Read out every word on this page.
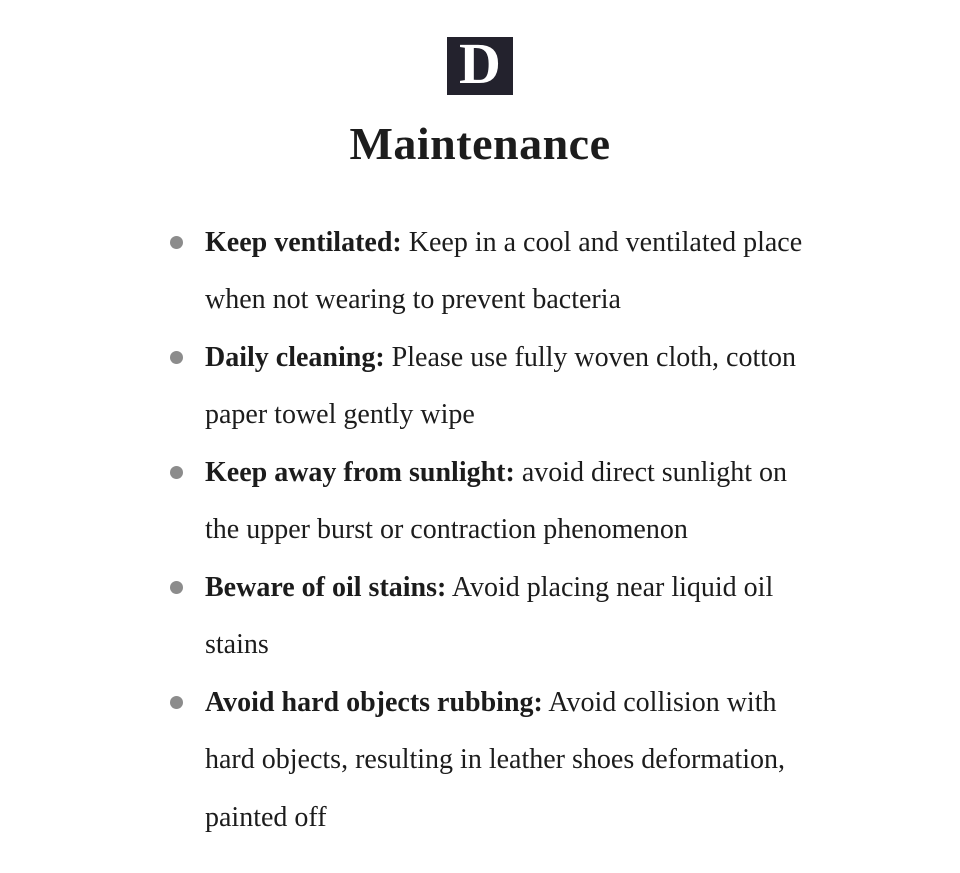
D
Maintenance
Keep ventilated: Keep in a cool and ventilated place when not wearing to prevent bacteria
Daily cleaning: Please use fully woven cloth, cotton paper towel gently wipe
Keep away from sunlight: avoid direct sunlight on the upper burst or contraction phenomenon
Beware of oil stains: Avoid placing near liquid oil stains
Avoid hard objects rubbing: Avoid collision with hard objects, resulting in leather shoes deformation, painted off
